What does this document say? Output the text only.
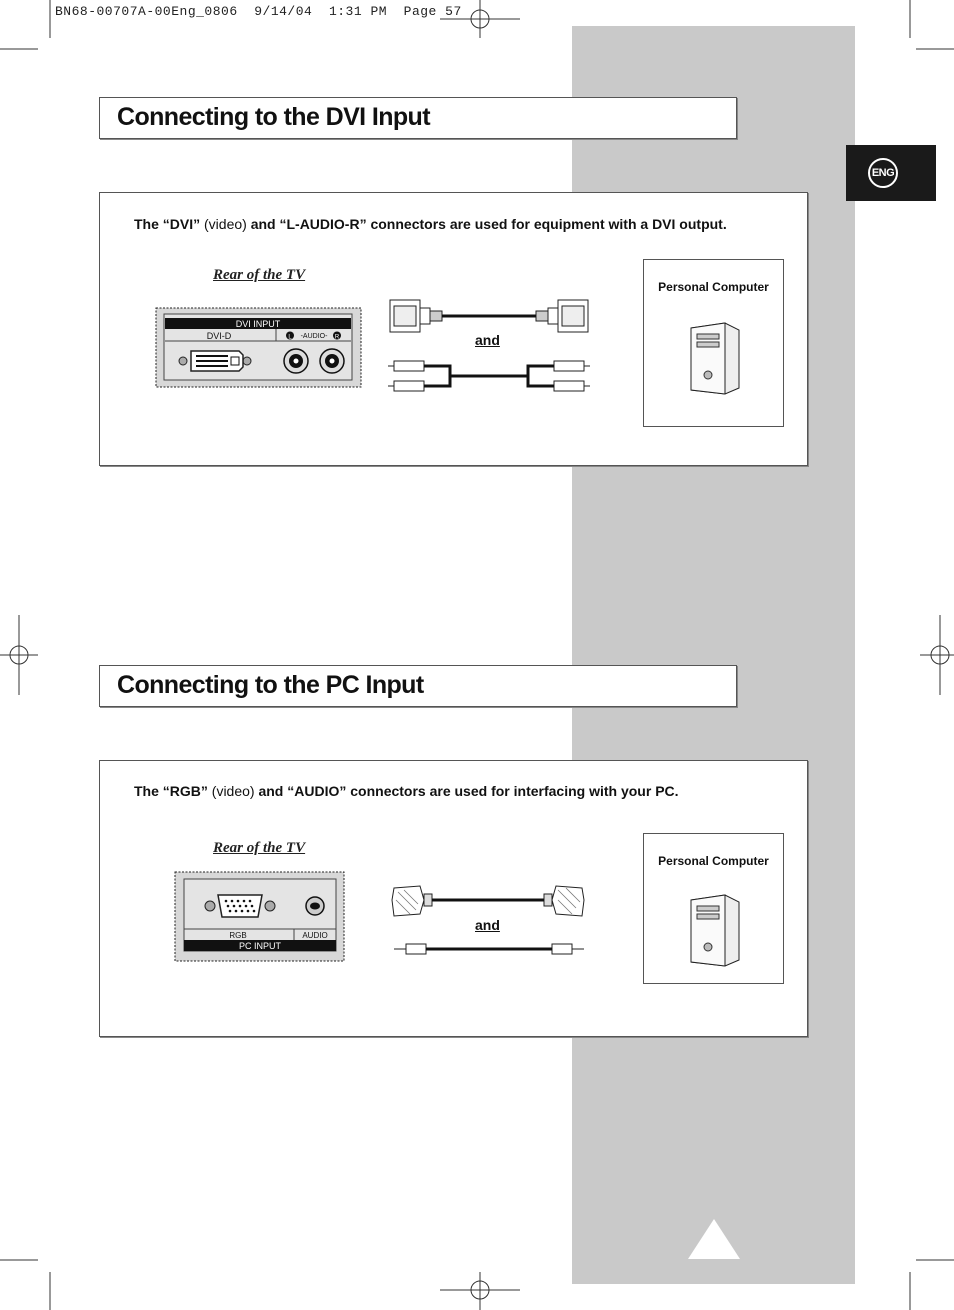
BN68-00707A-00Eng_0806  9/14/04  1:31 PM  Page 57
ENG
Connecting to the DVI Input
The “DVI” (video) and “L-AUDIO-R” connectors are used for equipment with a DVI output.
Rear of the TV
DVI INPUT
DVI-D	L -AUDIO- R	and
Personal Computer
Connecting to the PC Input
The “RGB” (video) and “AUDIO” connectors are used for interfacing with your PC.
Rear of the TV
RGB	AUDIO
PC INPUT
and
Personal Computer
